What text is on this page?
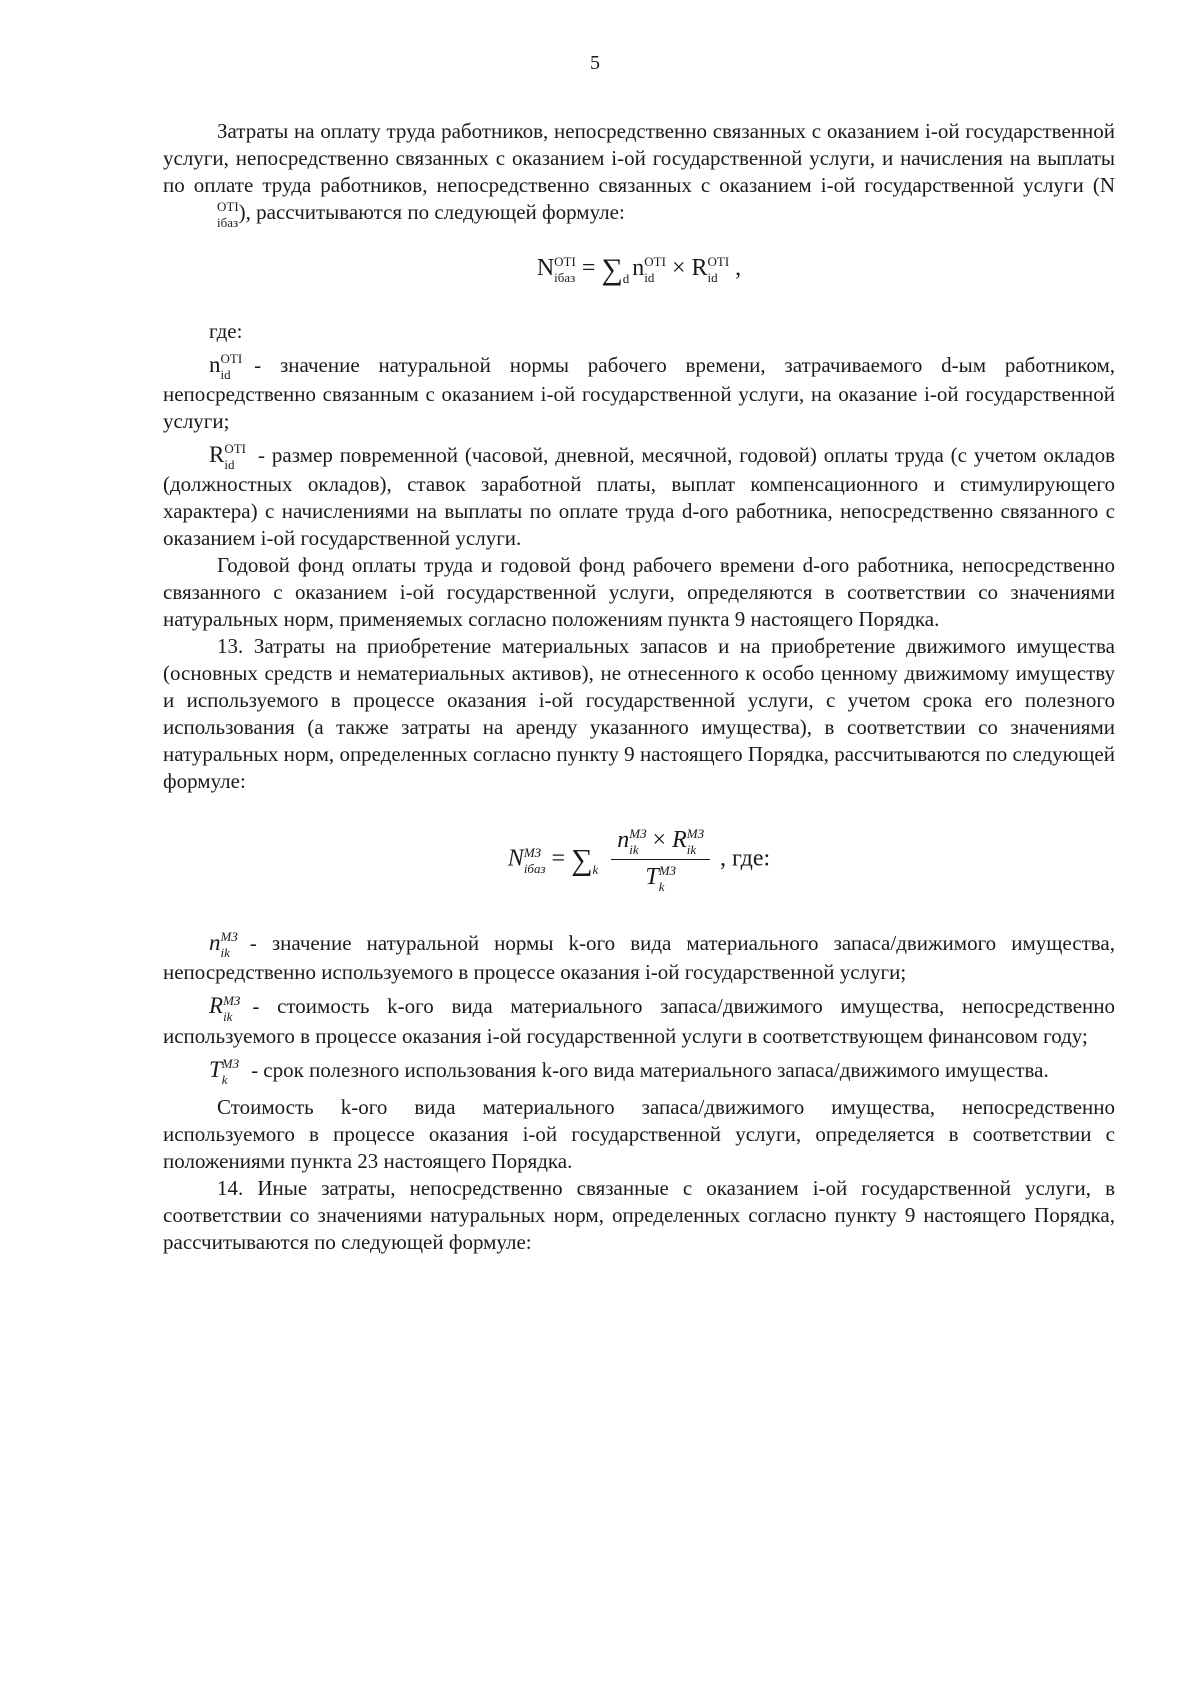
5

Затраты на оплату труда работников, непосредственно связанных с оказанием i-ой государственной услуги, непосредственно связанных с оказанием i-ой государственной услуги, и начисления на выплаты по оплате труда работников, непосредственно связанных с оказанием i-ой государственной услуги (N
ОТI
iбаз ), рассчитываются по следующей формуле:

N ОТI
iбаз = $\sum_d$ n ОТI
id × R ОТI
id ,

где:

n ОТI
id	- значение натуральной нормы рабочего времени, затрачиваемого d-ым работником, непосредственно связанным с оказанием i-ой государственной услуги, на оказание i-ой государственной услуги;

R ОТI
id	- размер повременной (часовой, дневной, месячной, годовой) оплаты труда (с учетом окладов (должностных окладов), ставок заработной платы, выплат компенсационного и стимулирующего характера) с начислениями на выплаты по оплате труда d-ого работника, непосредственно связанного с оказанием i-ой государственной услуги.

Годовой фонд оплаты труда и годовой фонд рабочего времени d-ого работника, непосредственно связанного с оказанием i-ой государственной услуги, определяются в соответствии со значениями натуральных норм, применяемых согласно положениям пункта 9 настоящего Порядка.

13. Затраты на приобретение материальных запасов и на приобретение движимого имущества (основных средств и нематериальных активов), не отнесенного к особо ценному движимому имуществу и используемого в процессе оказания i-ой государственной услуги, с учетом срока его полезного использования (а также затраты на аренду указанного имущества), в соответствии со значениями натуральных норм, определенных согласно пункту 9 настоящего Порядка, рассчитываются по следующей формуле:

N МЗ
iбаз = $\sum_k$ n МЗ
ik × R МЗ
ik
T МЗ
k , где:

n МЗ
ik - значение натуральной нормы k-ого вида материального запаса/движимого имущества, непосредственно используемого в процессе оказания i-ой государственной услуги;

R МЗ
ik - стоимость k-ого вида материального запаса/движимого имущества, непосредственно используемого в процессе оказания i-ой государственной услуги в соответствующем финансовом году;

T МЗ
k	- срок полезного использования k-ого вида материального запаса/движимого имущества.

Стоимость k-ого вида материального запаса/движимого имущества, непосредственно используемого в процессе оказания i-ой государственной услуги, определяется в соответствии с положениями пункта 23 настоящего Порядка.

14. Иные затраты, непосредственно связанные с оказанием i-ой государственной услуги, в соответствии со значениями натуральных норм, определенных согласно пункту 9 настоящего Порядка, рассчитываются по следующей формуле:
